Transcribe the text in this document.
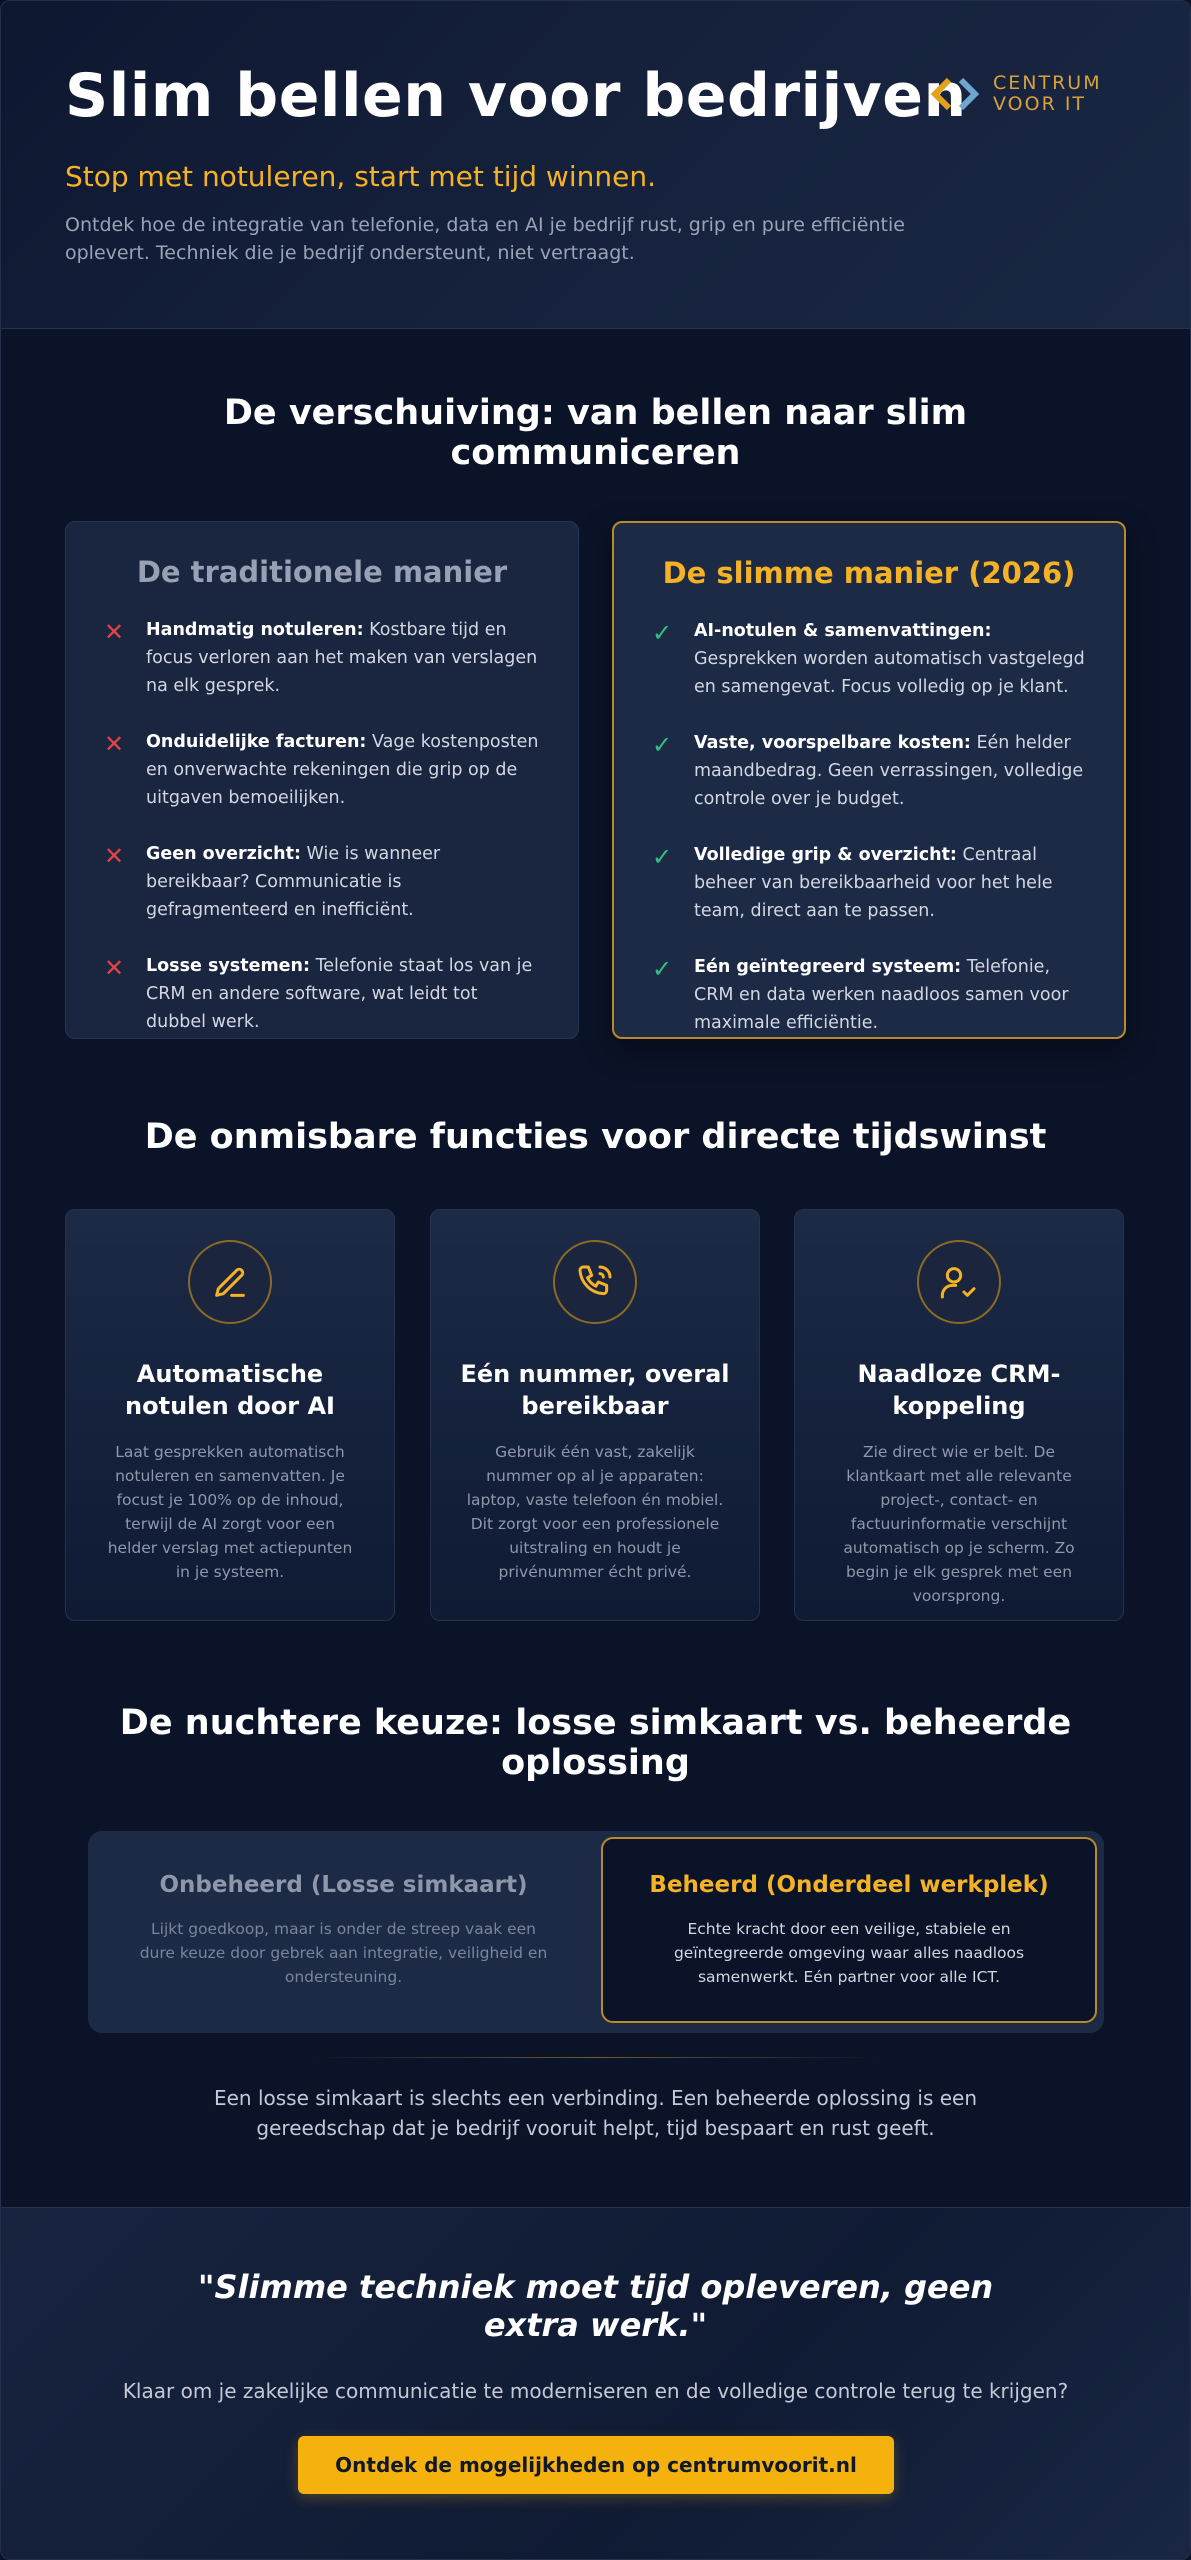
Slim bellen voor bedrijven
Stop met notuleren, start met tijd winnen.
Ontdek hoe de integratie van telefonie, data en AI je bedrijf rust, grip en pure efficiëntie oplevert. Techniek die je bedrijf ondersteunt, niet vertraagt.
CENTRUM
VOOR IT
De verschuiving: van bellen naar slim communiceren
De traditionele manier
✕	Handmatig notuleren: Kostbare tijd en focus verloren aan het maken van verslagen na elk gesprek.
✕	Onduidelijke facturen: Vage kostenposten en onverwachte rekeningen die grip op de uitgaven bemoeilijken.
✕	Geen overzicht: Wie is wanneer bereikbaar? Communicatie is gefragmenteerd en inefficiënt.
✕	Losse systemen: Telefonie staat los van je CRM en andere software, wat leidt tot dubbel werk.
De slimme manier (2026)
✓	AI-notulen & samenvattingen: Gesprekken worden automatisch vastgelegd en samengevat. Focus volledig op je klant.
✓	Vaste, voorspelbare kosten: Eén helder maandbedrag. Geen verrassingen, volledige controle over je budget.
✓	Volledige grip & overzicht: Centraal beheer van bereikbaarheid voor het hele team, direct aan te passen.
✓	Eén geïntegreerd systeem: Telefonie, CRM en data werken naadloos samen voor maximale efficiëntie.
De onmisbare functies voor directe tijdswinst
Automatische notulen door AI
Laat gesprekken automatisch notuleren en samenvatten. Je focust je 100% op de inhoud, terwijl de AI zorgt voor een helder verslag met actiepunten in je systeem.
Eén nummer, overal bereikbaar
Gebruik één vast, zakelijk nummer op al je apparaten: laptop, vaste telefoon én mobiel. Dit zorgt voor een professionele uitstraling en houdt je privénummer écht privé.
Naadloze CRM-koppeling
Zie direct wie er belt. De klantkaart met alle relevante project-, contact- en factuurinformatie verschijnt automatisch op je scherm. Zo begin je elk gesprek met een voorsprong.
De nuchtere keuze: losse simkaart vs. beheerde oplossing
Onbeheerd (Losse simkaart)
Lijkt goedkoop, maar is onder de streep vaak een dure keuze door gebrek aan integratie, veiligheid en ondersteuning.
Beheerd (Onderdeel werkplek)
Echte kracht door een veilige, stabiele en geïntegreerde omgeving waar alles naadloos samenwerkt. Eén partner voor alle ICT.
Een losse simkaart is slechts een verbinding. Een beheerde oplossing is een gereedschap dat je bedrijf vooruit helpt, tijd bespaart en rust geeft.
"Slimme techniek moet tijd opleveren, geen extra werk."
Klaar om je zakelijke communicatie te moderniseren en de volledige controle terug te krijgen?
Ontdek de mogelijkheden op centrumvoorit.nl
